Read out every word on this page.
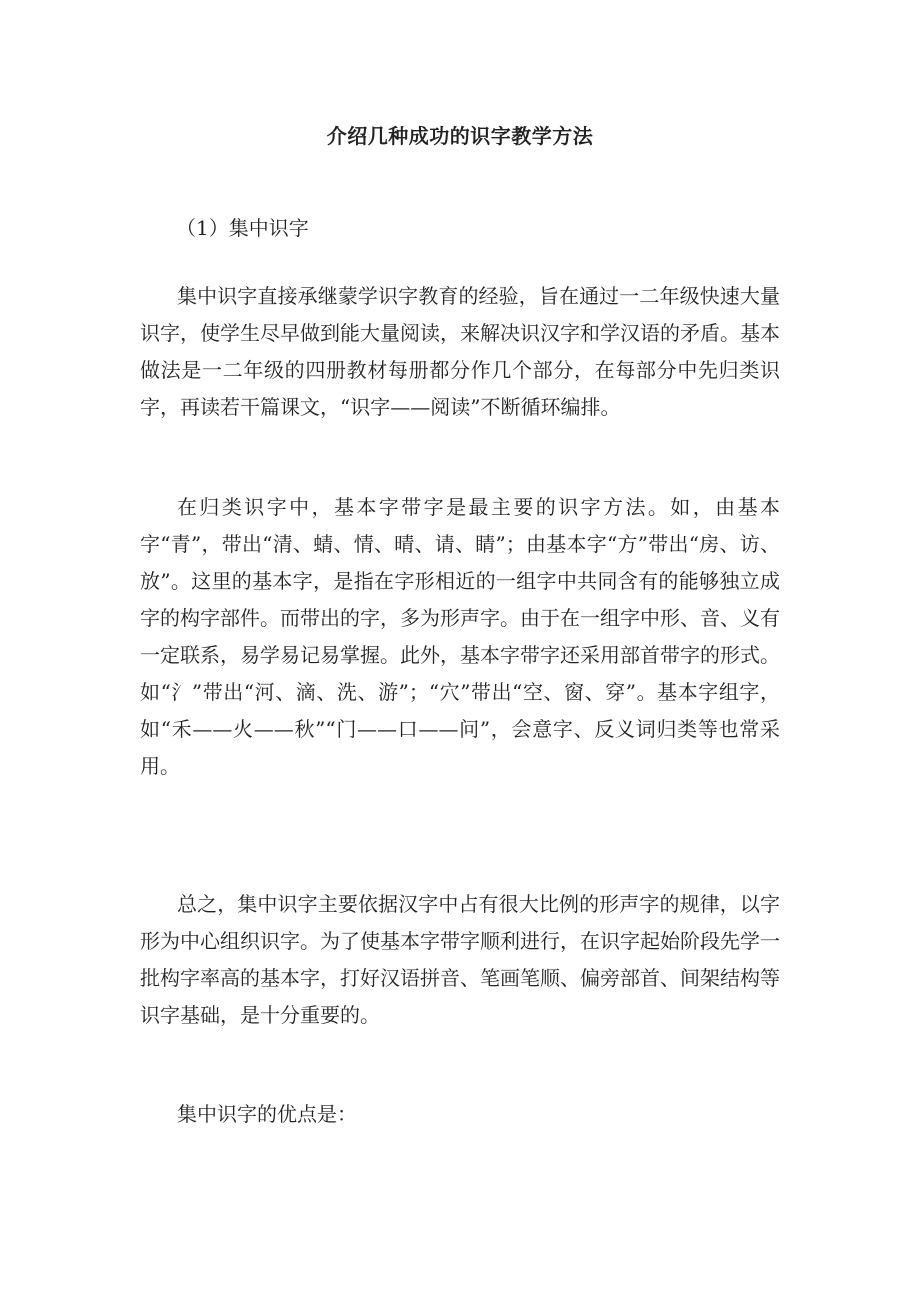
介绍几种成功的识字教学方法

（1）集中识字

集中识字直接承继蒙学识字教育的经验，旨在通过一二年级快速大量识字，使学生尽早做到能大量阅读，来解决识汉字和学汉语的矛盾。基本做法是一二年级的四册教材每册都分作几个部分，在每部分中先归类识字，再读若干篇课文，“识字——阅读”不断循环编排。

在归类识字中，基本字带字是最主要的识字方法。如，由基本字“青”，带出“清、蜻、情、晴、请、睛”；由基本字“方”带出“房、访、放”。这里的基本字，是指在字形相近的一组字中共同含有的能够独立成字的构字部件。而带出的字，多为形声字。由于在一组字中形、音、义有一定联系，易学易记易掌握。此外，基本字带字还采用部首带字的形式。如“氵”带出“河、滴、洗、游”；“穴”带出“空、窗、穿”。基本字组字，如“禾——火——秋”“门——口——问”，会意字、反义词归类等也常采用。

总之，集中识字主要依据汉字中占有很大比例的形声字的规律，以字形为中心组织识字。为了使基本字带字顺利进行，在识字起始阶段先学一批构字率高的基本字，打好汉语拼音、笔画笔顺、偏旁部首、间架结构等识字基础，是十分重要的。

集中识字的优点是：
